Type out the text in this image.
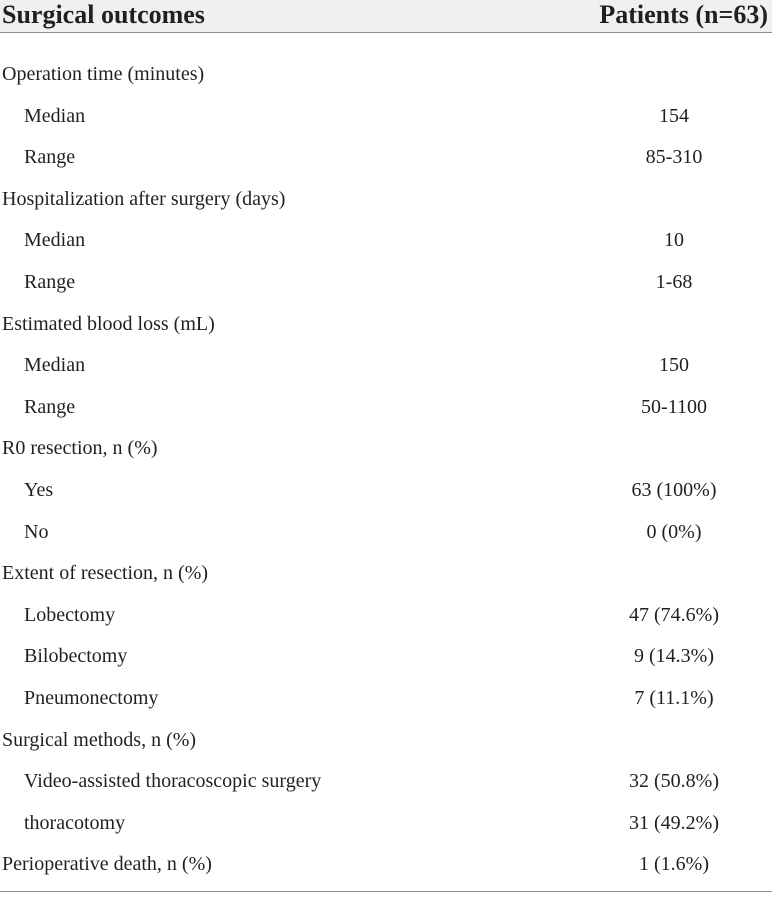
Surgical outcomes	Patients (n=63)
Operation time (minutes)
Median	154
Range	85-310
Hospitalization after surgery (days)
Median	10
Range	1-68
Estimated blood loss (mL)
Median	150
Range	50-1100
R0 resection, n (%)
Yes	63 (100%)
No	0 (0%)
Extent of resection, n (%)
Lobectomy	47 (74.6%)
Bilobectomy	9 (14.3%)
Pneumonectomy	7 (11.1%)
Surgical methods, n (%)
Video-assisted thoracoscopic surgery	32 (50.8%)
thoracotomy	31 (49.2%)
Perioperative death, n (%)	1 (1.6%)
